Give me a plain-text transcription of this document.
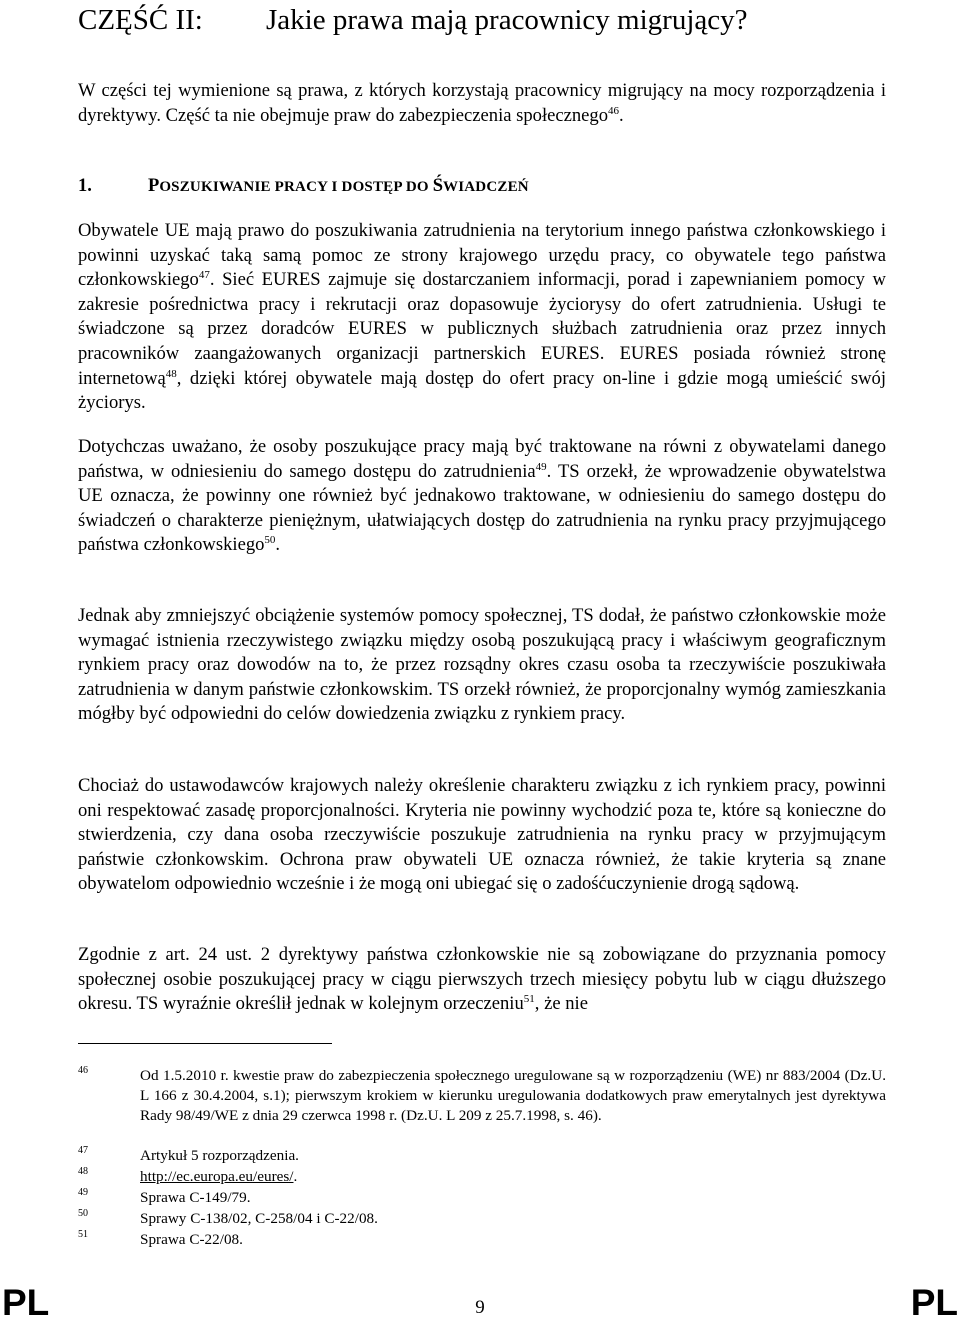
CZĘŚĆ II: Jakie prawa mają pracownicy migrujący?

W części tej wymienione są prawa, z których korzystają pracownicy migrujący na mocy rozporządzenia i dyrektywy. Część ta nie obejmuje praw do zabezpieczenia społecznego$^{46}$.

1.	POSZUKIWANIE PRACY I DOSTĘP DO ŚWIADCZEŃ

Obywatele UE mają prawo do poszukiwania zatrudnienia na terytorium innego państwa członkowskiego i powinni uzyskać taką samą pomoc ze strony krajowego urzędu pracy, co obywatele tego państwa członkowskiego$^{47}$. Sieć EURES zajmuje się dostarczaniem informacji, porad i zapewnianiem pomocy w zakresie pośrednictwa pracy i rekrutacji oraz dopasowuje życiorysy do ofert zatrudnienia. Usługi te świadczone są przez doradców EURES w publicznych służbach zatrudnienia oraz przez innych pracowników zaangażowanych organizacji partnerskich EURES. EURES posiada również stronę internetową$^{48}$, dzięki której obywatele mają dostęp do ofert pracy on-line i gdzie mogą umieścić swój życiorys.

Dotychczas uważano, że osoby poszukujące pracy mają być traktowane na równi z obywatelami danego państwa, w odniesieniu do samego dostępu do zatrudnienia$^{49}$. TS orzekł, że wprowadzenie obywatelstwa UE oznacza, że powinny one również być jednakowo traktowane, w odniesieniu do samego dostępu do świadczeń o charakterze pieniężnym, ułatwiających dostęp do zatrudnienia na rynku pracy przyjmującego państwa członkowskiego$^{50}$.

Jednak aby zmniejszyć obciążenie systemów pomocy społecznej, TS dodał, że państwo członkowskie może wymagać istnienia rzeczywistego związku między osobą poszukującą pracy i właściwym geograficznym rynkiem pracy oraz dowodów na to, że przez rozsądny okres czasu osoba ta rzeczywiście poszukiwała zatrudnienia w danym państwie członkowskim. TS orzekł również, że proporcjonalny wymóg zamieszkania mógłby być odpowiedni do celów dowiedzenia związku z rynkiem pracy.

Chociaż do ustawodawców krajowych należy określenie charakteru związku z ich rynkiem pracy, powinni oni respektować zasadę proporcjonalności. Kryteria nie powinny wychodzić poza te, które są konieczne do stwierdzenia, czy dana osoba rzeczywiście poszukuje zatrudnienia na rynku pracy w przyjmującym państwie członkowskim. Ochrona praw obywateli UE oznacza również, że takie kryteria są znane obywatelom odpowiednio wcześnie i że mogą oni ubiegać się o zadośćuczynienie drogą sądową.

Zgodnie z art. 24 ust. 2 dyrektywy państwa członkowskie nie są zobowiązane do przyznania pomocy społecznej osobie poszukującej pracy w ciągu pierwszych trzech miesięcy pobytu lub w ciągu dłuższego okresu. TS wyraźnie określił jednak w kolejnym orzeczeniu$^{51}$, że nie

46	Od 1.5.2010 r. kwestie praw do zabezpieczenia społecznego uregulowane są w rozporządzeniu (WE) nr 883/2004 (Dz.U. L 166 z 30.4.2004, s.1); pierwszym krokiem w kierunku uregulowania dodatkowych praw emerytalnych jest dyrektywa Rady 98/49/WE z dnia 29 czerwca 1998 r. (Dz.U. L 209 z 25.7.1998, s. 46).
47	Artykuł 5 rozporządzenia.
48	http://ec.europa.eu/eures/.
49	Sprawa C-149/79.
50	Sprawy C-138/02, C-258/04 i C-22/08.
51	Sprawa C-22/08.
PL	9	PL
